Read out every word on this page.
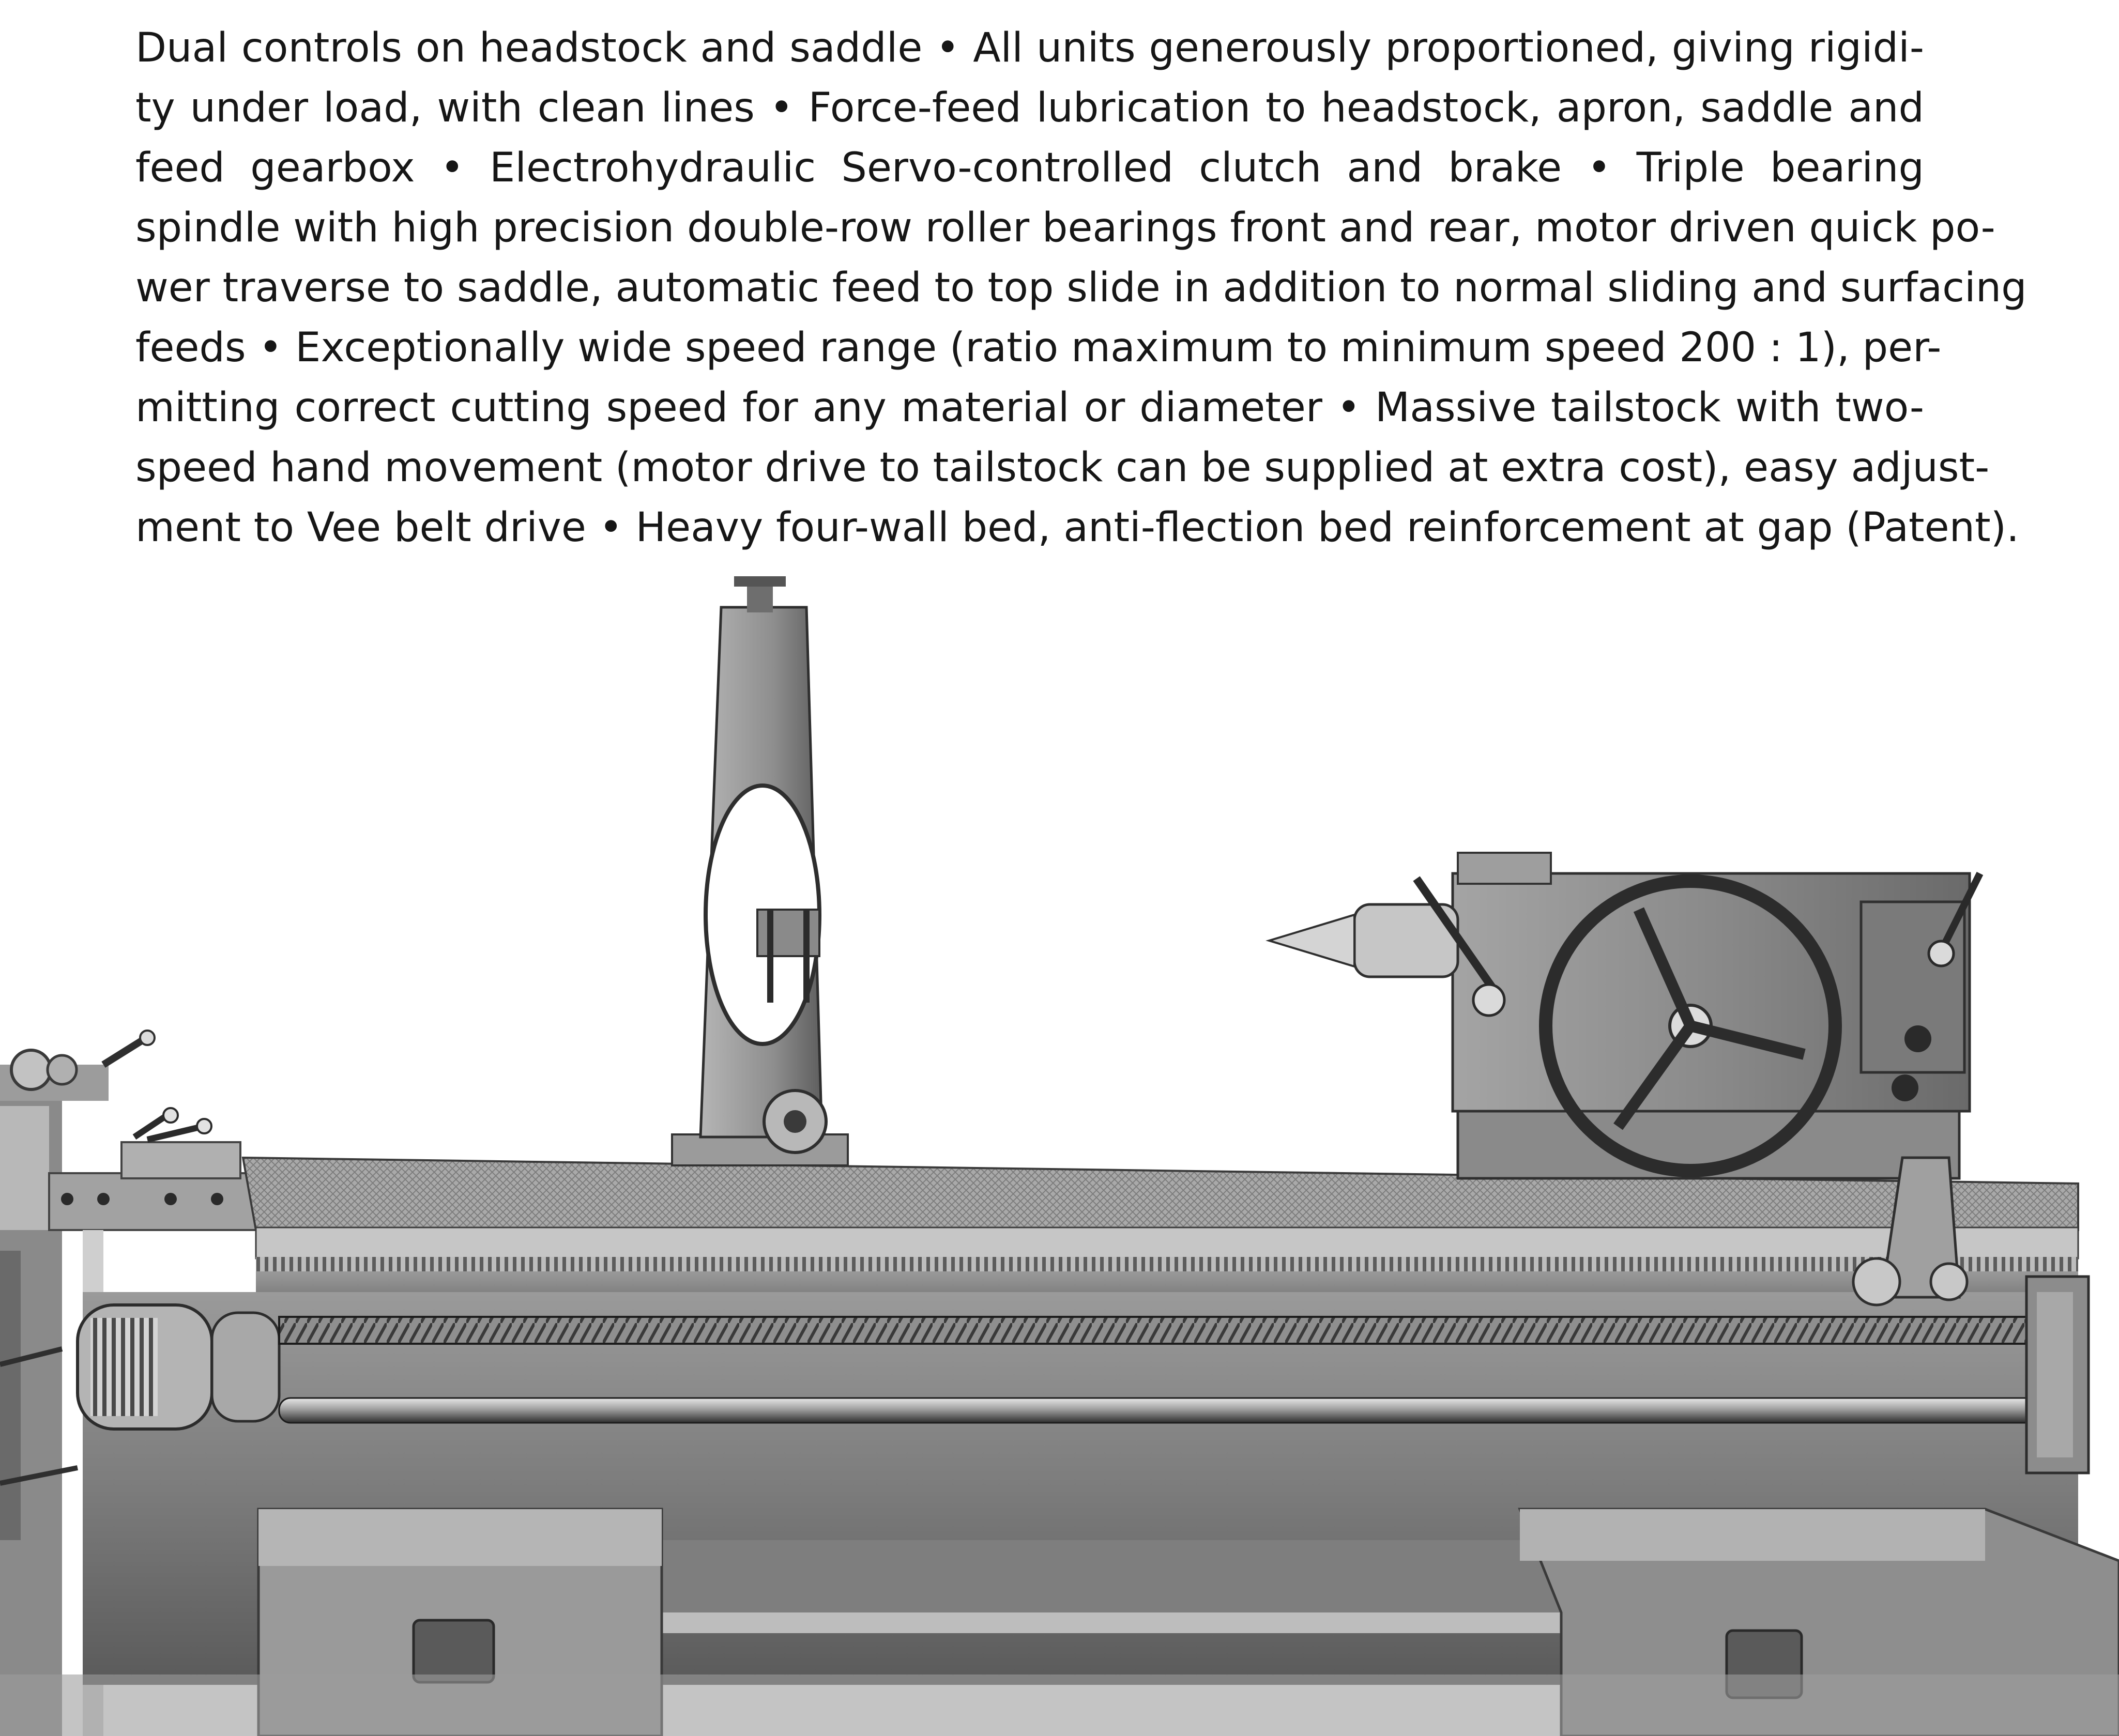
Dual controls on headstock and saddle • All units generously proportioned, giving rigidi-
ty under load, with clean lines • Force-feed lubrication to headstock, apron, saddle and
feed gearbox • Electrohydraulic Servo-controlled clutch and brake • Triple bearing
spindle with high precision double-row roller bearings front and rear, motor driven quick po-
wer traverse to saddle, automatic feed to top slide in addition to normal sliding and surfacing
feeds • Exceptionally wide speed range (ratio maximum to minimum speed 200 : 1), per-
mitting correct cutting speed for any material or diameter • Massive tailstock with two-
speed hand movement (motor drive to tailstock can be supplied at extra cost), easy adjust-
ment to Vee belt drive • Heavy four-wall bed, anti-flection bed reinforcement at gap (Patent).
